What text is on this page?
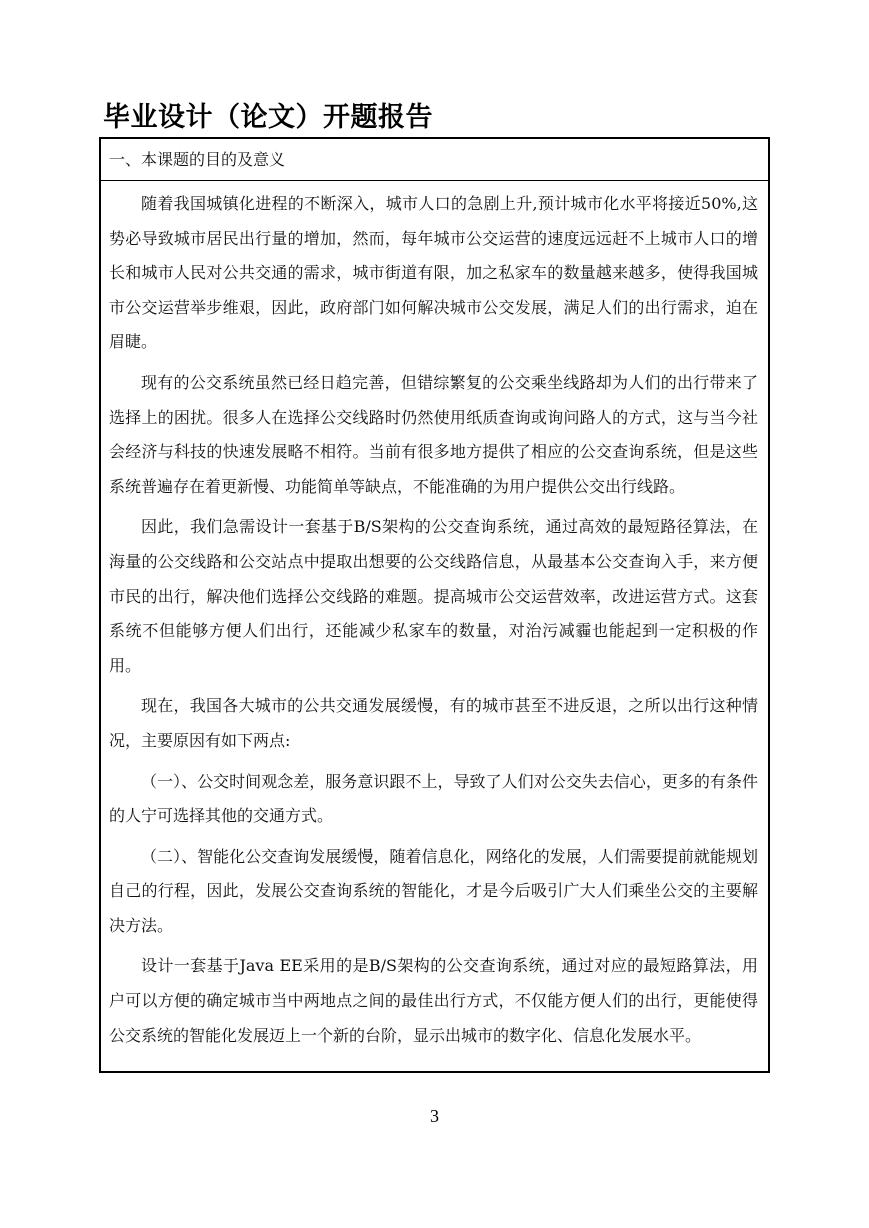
毕业设计（论文）开题报告
一、本课题的目的及意义

随着我国城镇化进程的不断深入，城市人口的急剧上升,预计城市化水平将接近50%,这势必导致城市居民出行量的增加，然而，每年城市公交运营的速度远远赶不上城市人口的增长和城市人民对公共交通的需求，城市街道有限，加之私家车的数量越来越多，使得我国城市公交运营举步维艰，因此，政府部门如何解决城市公交发展，满足人们的出行需求，迫在眉睫。

现有的公交系统虽然已经日趋完善，但错综繁复的公交乘坐线路却为人们的出行带来了选择上的困扰。很多人在选择公交线路时仍然使用纸质查询或询问路人的方式，这与当今社会经济与科技的快速发展略不相符。当前有很多地方提供了相应的公交查询系统，但是这些系统普遍存在着更新慢、功能简单等缺点，不能准确的为用户提供公交出行线路。

因此，我们急需设计一套基于B/S架构的公交查询系统，通过高效的最短路径算法，在海量的公交线路和公交站点中提取出想要的公交线路信息，从最基本公交查询入手，来方便市民的出行，解决他们选择公交线路的难题。提高城市公交运营效率，改进运营方式。这套系统不但能够方便人们出行，还能减少私家车的数量，对治污减霾也能起到一定积极的作用。

现在，我国各大城市的公共交通发展缓慢，有的城市甚至不进反退，之所以出行这种情况，主要原因有如下两点:

（一）、公交时间观念差，服务意识跟不上，导致了人们对公交失去信心，更多的有条件的人宁可选择其他的交通方式。

（二）、智能化公交查询发展缓慢，随着信息化，网络化的发展，人们需要提前就能规划自己的行程，因此，发展公交查询系统的智能化，才是今后吸引广大人们乘坐公交的主要解决方法。

设计一套基于Java EE采用的是B/S架构的公交查询系统，通过对应的最短路算法，用户可以方便的确定城市当中两地点之间的最佳出行方式，不仅能方便人们的出行，更能使得公交系统的智能化发展迈上一个新的台阶，显示出城市的数字化、信息化发展水平。

3
